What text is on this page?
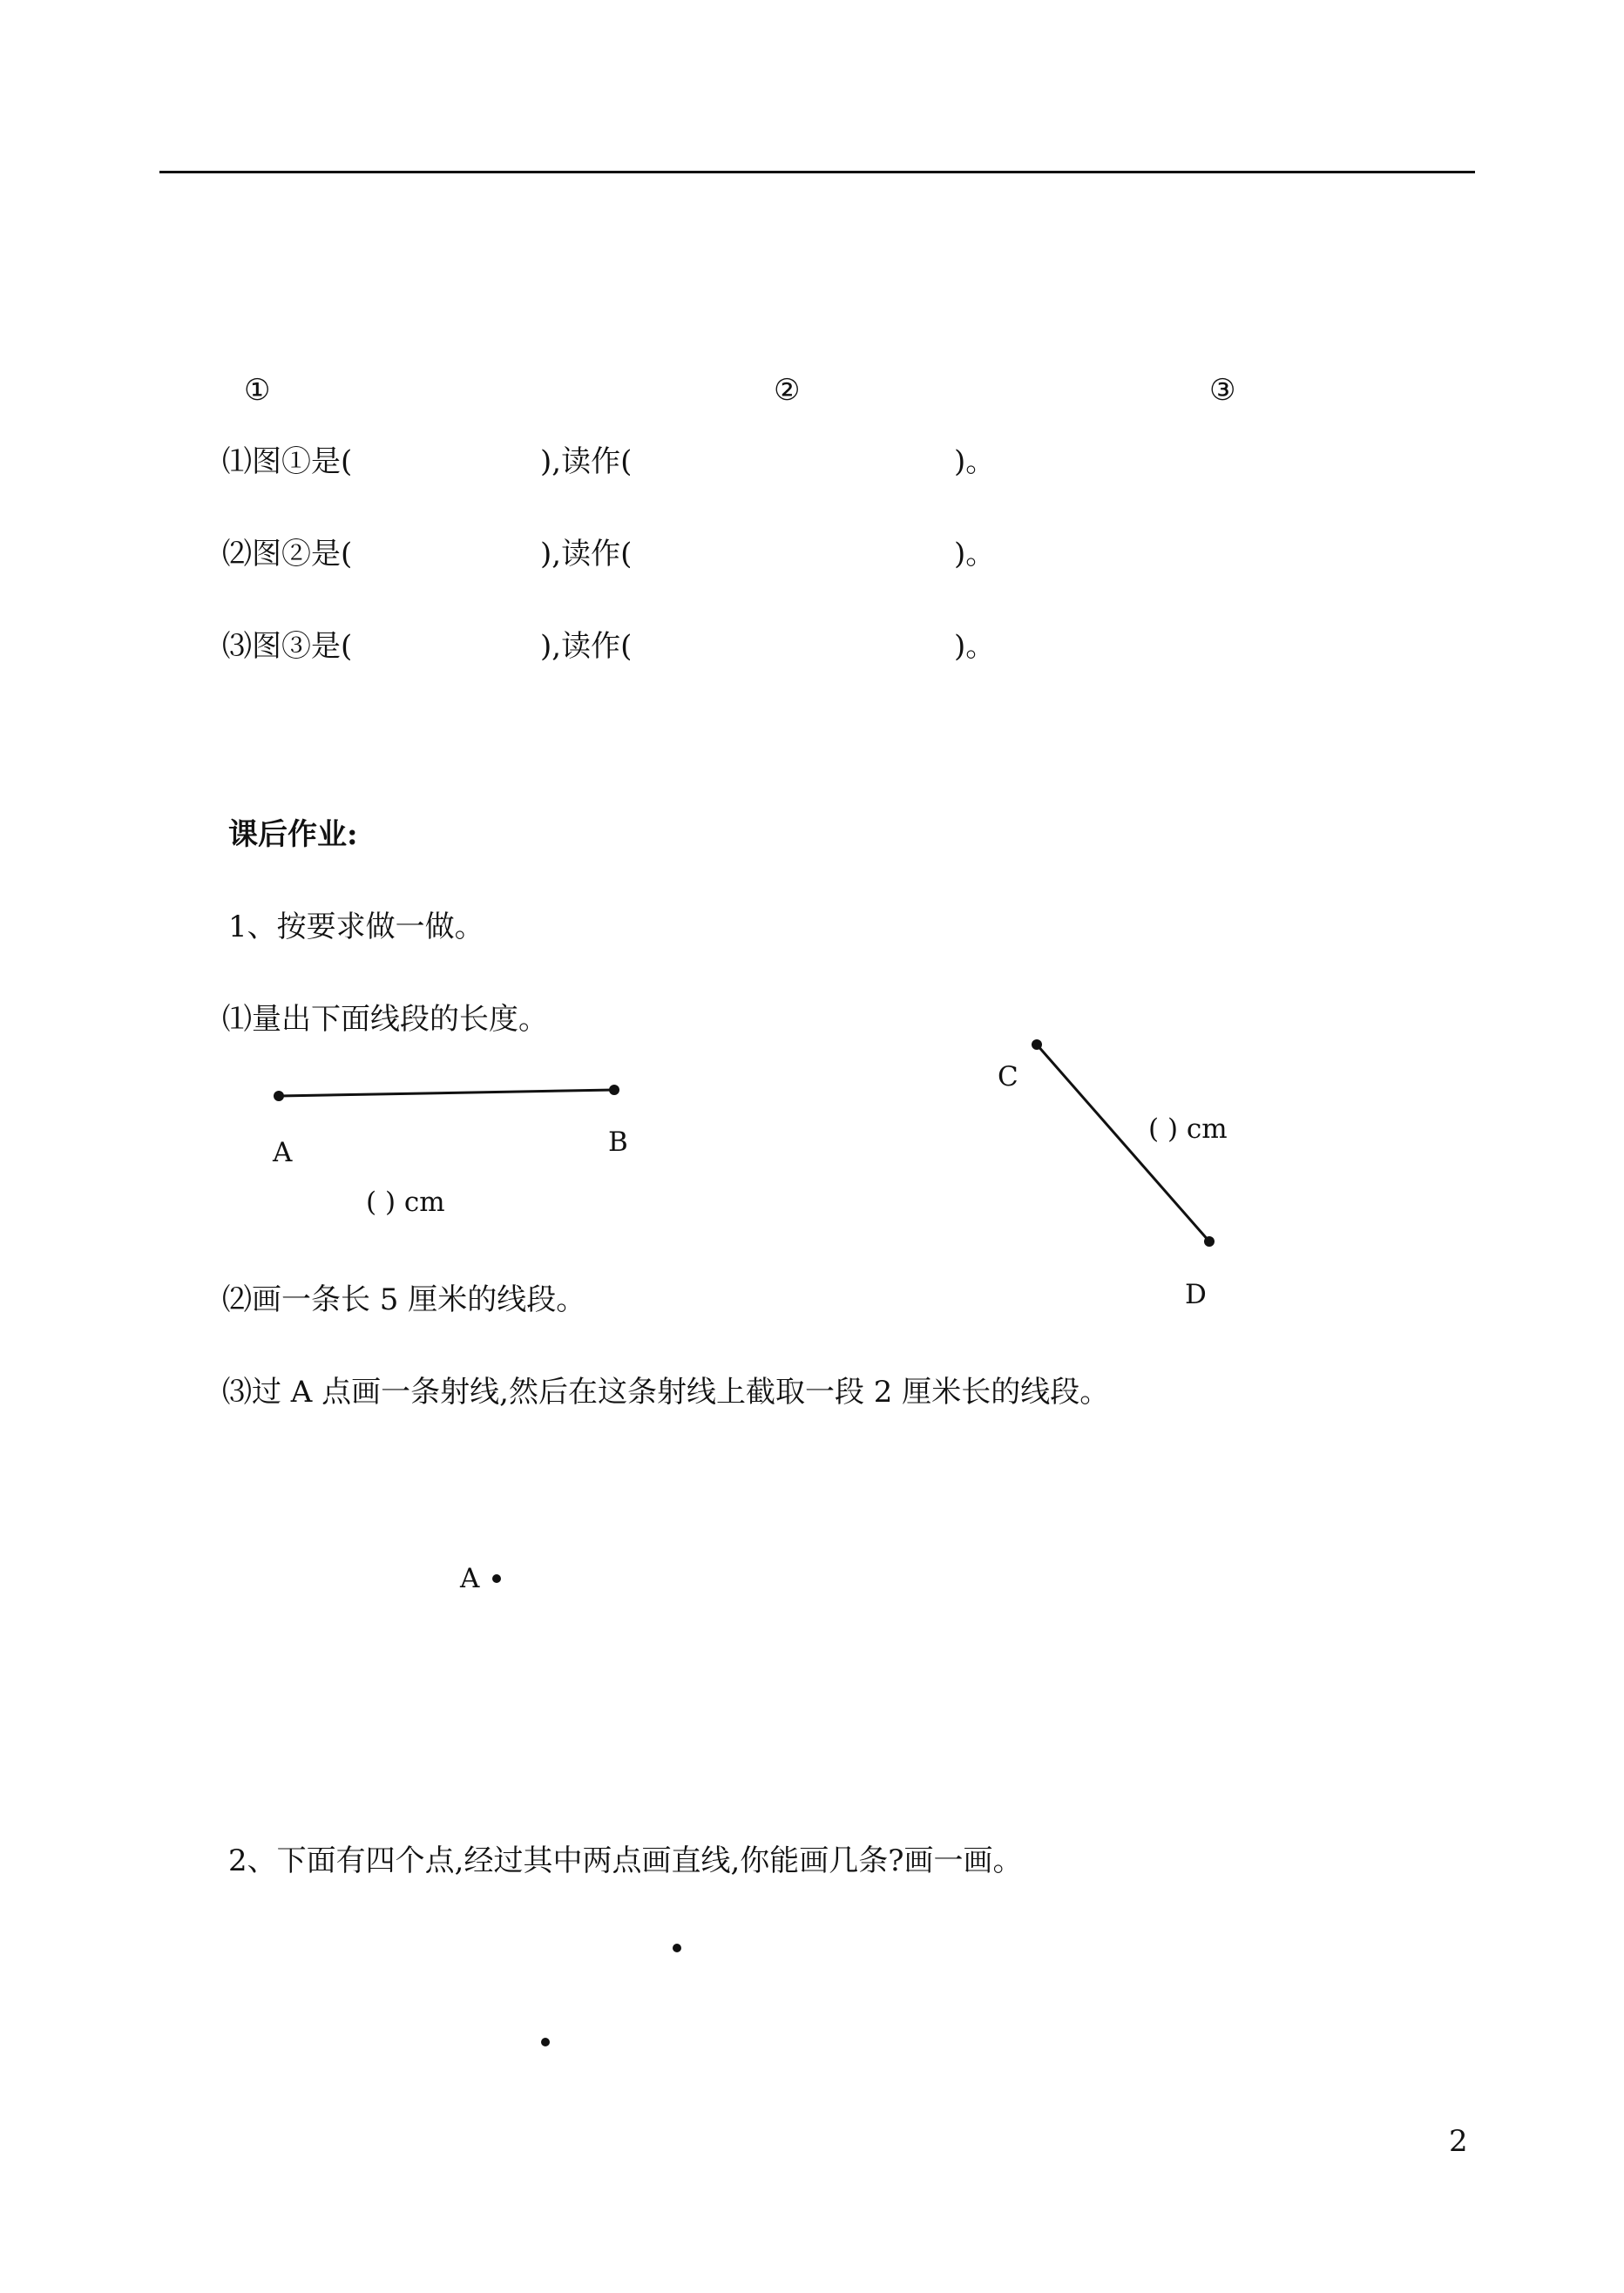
①	②	③
⑴图①是(	),读作(	)。
⑵图②是(	),读作(	)。
⑶图③是(	),读作(	)。
课后作业:
1、按要求做一做。
⑴量出下面线段的长度。
A	B
( ) cm
C
( ) cm
D
⑵画一条长 5 厘米的线段。
⑶过 A 点画一条射线,然后在这条射线上截取一段 2 厘米长的线段。
A
2、下面有四个点,经过其中两点画直线,你能画几条?画一画。
2
